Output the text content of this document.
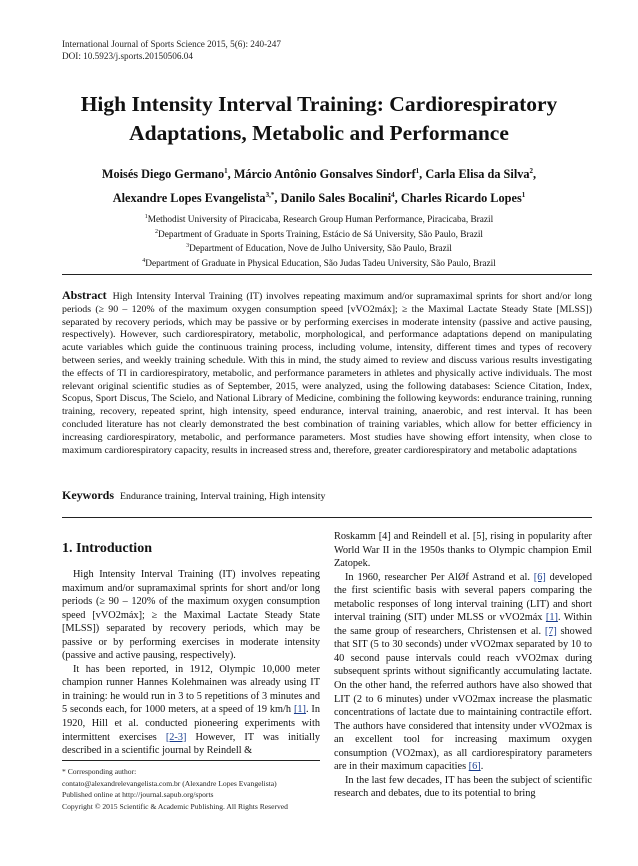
International Journal of Sports Science 2015, 5(6): 240-247
DOI: 10.5923/j.sports.20150506.04
High Intensity Interval Training: Cardiorespiratory
Adaptations, Metabolic and Performance
Moisés Diego Germano$^1$, Márcio Antônio Gonsalves Sindorf$^1$, Carla Elisa da Silva$^2$,
Alexandre Lopes Evangelista$^{3,*}$, Danilo Sales Bocalini$^4$, Charles Ricardo Lopes$^1$
$^1$Methodist University of Piracicaba, Research Group Human Performance, Piracicaba, Brazil
$^2$Department of Graduate in Sports Training, Estácio de Sá University, São Paulo, Brazil
$^3$Department of Education, Nove de Julho University, São Paulo, Brazil
$^4$Department of Graduate in Physical Education, São Judas Tadeu University, São Paulo, Brazil
Abstract High Intensity Interval Training (IT) involves repeating maximum and/or supramaximal sprints for short and/or long periods (≥ 90 – 120% of the maximum oxygen consumption speed [vVO2máx]; ≥ the Maximal Lactate Steady State [MLSS]) separated by recovery periods, which may be passive or by performing exercises in moderate intensity (passive and active pausing, respectively). However, such cardiorespiratory, metabolic, morphological, and performance adaptations depend on manipulating acute variables which guide the continuous training process, including volume, intensity, different times and types of recovery between series, and weekly training schedule. With this in mind, the study aimed to review and discuss various results investigating the effects of TI in cardiorespiratory, metabolic, and performance parameters in athletes and physically active individuals. The most relevant original scientific studies as of September, 2015, were analyzed, using the following databases: Science Citation, Index, Scopus, Sport Discus, The Scielo, and National Library of Medicine, combining the following keywords: endurance training, running training, recovery, repeated sprint, high intensity, speed endurance, interval training, anaerobic, and rest interval. It has been concluded literature has not clearly demonstrated the best combination of training variables, which allow for better efficiency in increasing cardiorespiratory, metabolic, and performance parameters. Most studies have showing effort intensity, when close to maximum cardiorespiratory capacity, results in increased stress and, therefore, greater cardiorespiratory and metabolic adaptations
Keywords Endurance training, Interval training, High intensity
1. Introduction

High Intensity Interval Training (IT) involves repeating maximum and/or supramaximal sprints for short and/or long periods (≥ 90 – 120% of the maximum oxygen consumption speed [vVO2máx]; ≥ the Maximal Lactate Steady State [MLSS]) separated by recovery periods, which may be passive or by performing exercises in moderate intensity (passive and active pausing, respectively).

It has been reported, in 1912, Olympic 10,000 meter champion runner Hannes Kolehmainen was already using IT in training: he would run in 3 to 5 repetitions of 3 minutes and 5 seconds each, for 1000 meters, at a speed of 19 km/h [1]. In 1920, Hill et al. conducted pioneering experiments with intermittent exercises [2-3] However, IT was initially described in a scientific journal by Reindell &

Roskamm [4] and Reindell et al. [5], rising in popularity after World War II in the 1950s thanks to Olympic champion Emil Zatopek.

In 1960, researcher Per AlØf Astrand et al. [6] developed the first scientific basis with several papers comparing the metabolic responses of long interval training (LIT) and short interval training (SIT) under MLSS or vVO2máx [1]. Within the same group of researchers, Christensen et al. [7] showed that SIT (5 to 30 seconds) under vVO2max separated by 10 to 40 second pause intervals could reach vVO2max during subsequent sprints without significantly accumulating lactate. On the other hand, the referred authors have also showed that LIT (2 to 6 minutes) under vVO2max increase the plasmatic concentrations of lactate due to maintaining contractile effort. The authors have considered that intensity under vVO2max is an excellent tool for increasing maximum oxygen consumption (VO2max), as all cardiorespiratory parameters are in their maximum capacities [6].

In the last few decades, IT has been the subject of scientific research and debates, due to its potential to bring

* Corresponding author:
contato@alexandrelevangelista.com.br (Alexandre Lopes Evangelista)
Published online at http://journal.sapub.org/sports
Copyright © 2015 Scientific & Academic Publishing. All Rights Reserved
